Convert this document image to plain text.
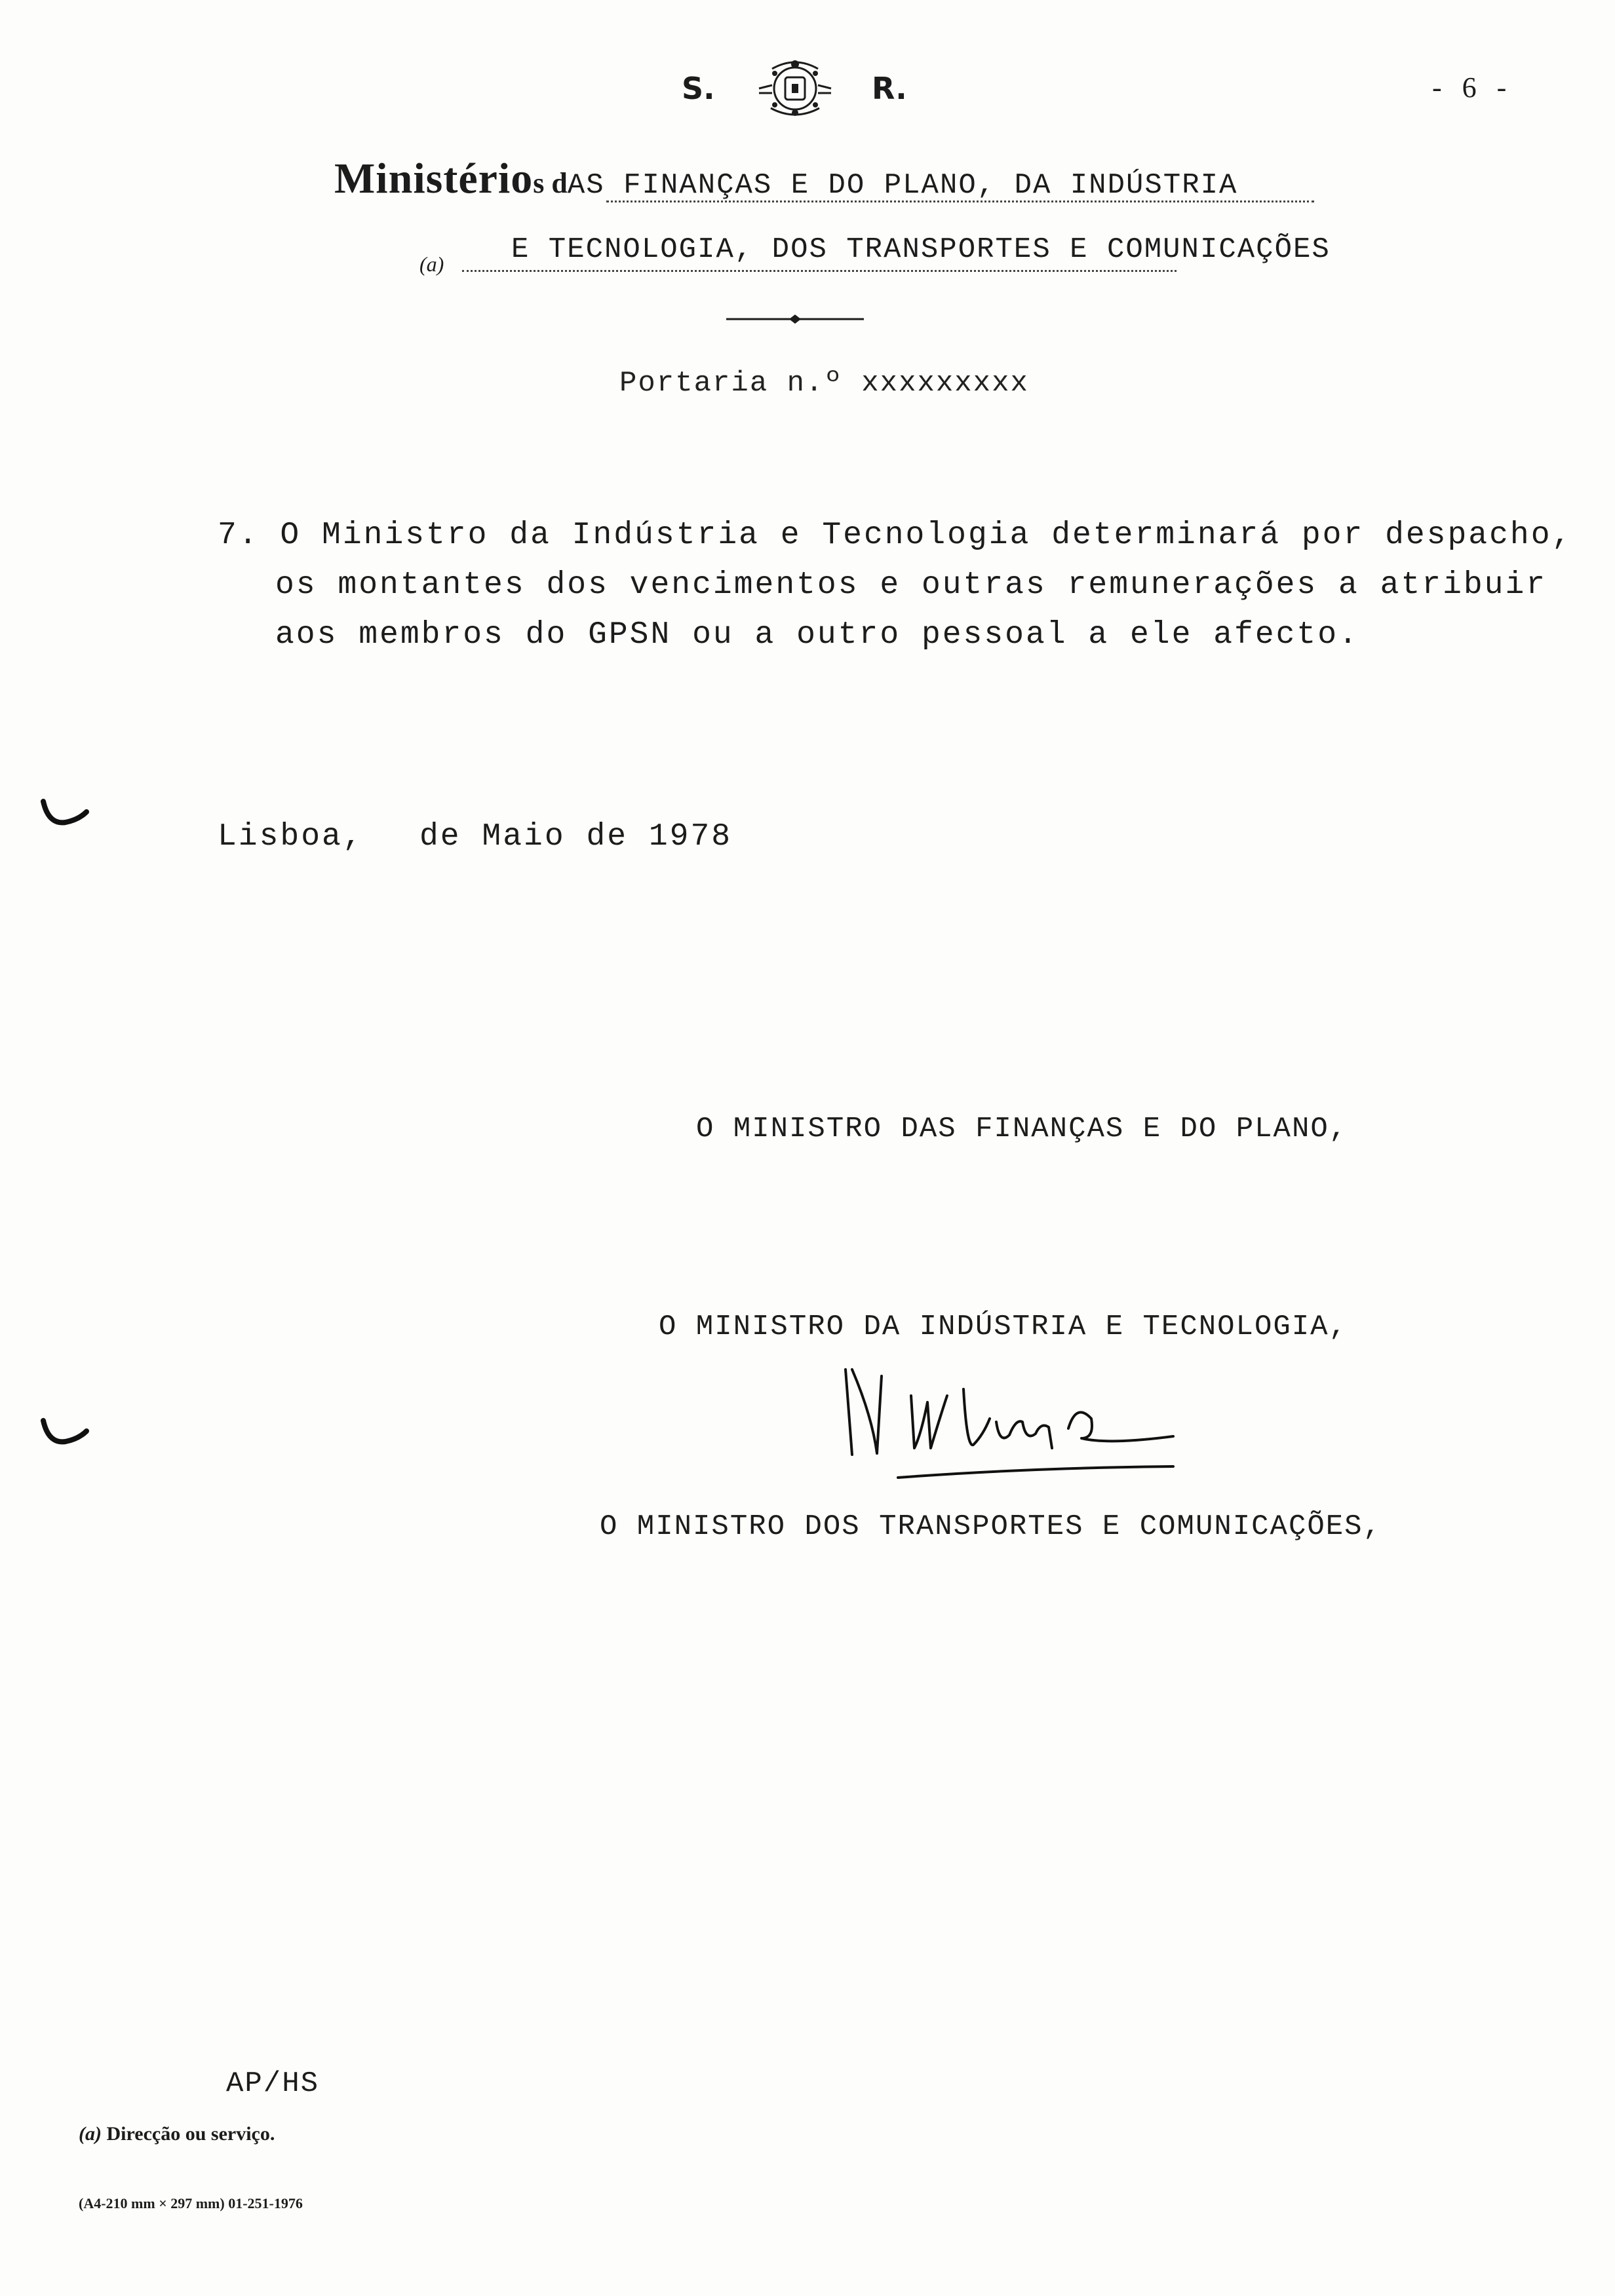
S.	R.	- 6 -
Ministérios dAS FINANÇAS E DO PLANO, DA INDÚSTRIA
(a) E TECNOLOGIA, DOS TRANSPORTES E COMUNICAÇÕES
Portaria n.º xxxxxxxxx
7. O Ministro da Indústria e Tecnologia determinará por despacho,
os montantes dos vencimentos e outras remunerações a atribuir
aos membros do GPSN ou a outro pessoal a ele afecto.
Lisboa, de Maio de 1978
O MINISTRO DAS FINANÇAS E DO PLANO,
O MINISTRO DA INDÚSTRIA E TECNOLOGIA,
O MINISTRO DOS TRANSPORTES E COMUNICAÇÕES,
AP/HS
(a) Direcção ou serviço.
(A4-210 mm × 297 mm) 01-251-1976
